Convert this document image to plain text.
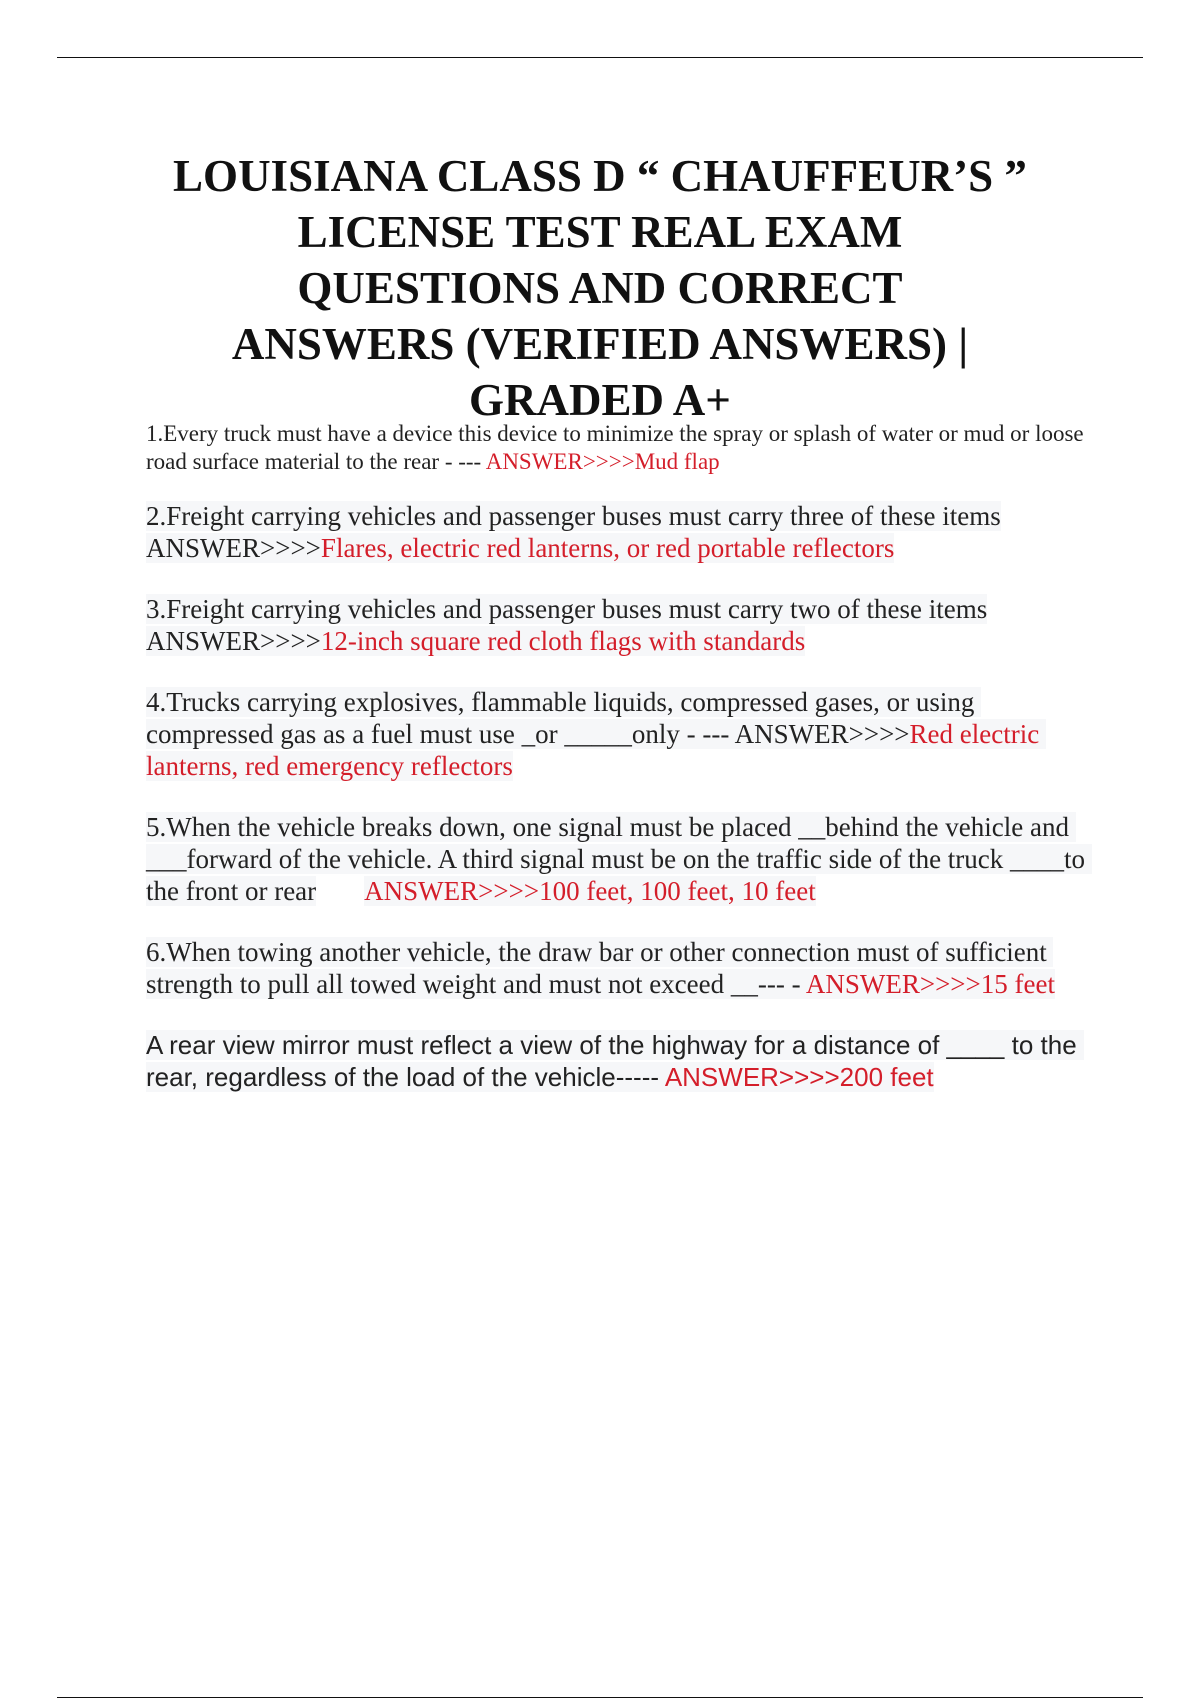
LOUISIANA CLASS D “ CHAUFFEUR’S ”
LICENSE TEST REAL EXAM
QUESTIONS AND CORRECT
ANSWERS (VERIFIED ANSWERS) |
GRADED A+

1.Every truck must have a device this device to minimize the spray or splash of water or mud or loose road surface material to the rear - --- ANSWER>>>>Mud flap

2.Freight carrying vehicles and passenger buses must carry three of these itemsANSWER>>>>Flares, electric red lanterns, or red portable reflectors

3.Freight carrying vehicles and passenger buses must carry two of these itemsANSWER>>>>12-inch square red cloth flags with standards

4.Trucks carrying explosives, flammable liquids, compressed gases, or using compressed gas as a fuel must use _or _____only - --- ANSWER>>>>Red electric lanterns, red emergency reflectors

5.When the vehicle breaks down, one signal must be placed __behind the vehicle and ___forward of the vehicle. A third signal must be on the traffic side of the truck ____to the front or rear ANSWER>>>>100 feet, 100 feet, 10 feet

6.When towing another vehicle, the draw bar or other connection must of sufficient strength to pull all towed weight and must not exceed __--- - ANSWER>>>>15 feet

A rear view mirror must reflect a view of the highway for a distance of ____ to the rear, regardless of the load of the vehicle----- ANSWER>>>>200 feet
